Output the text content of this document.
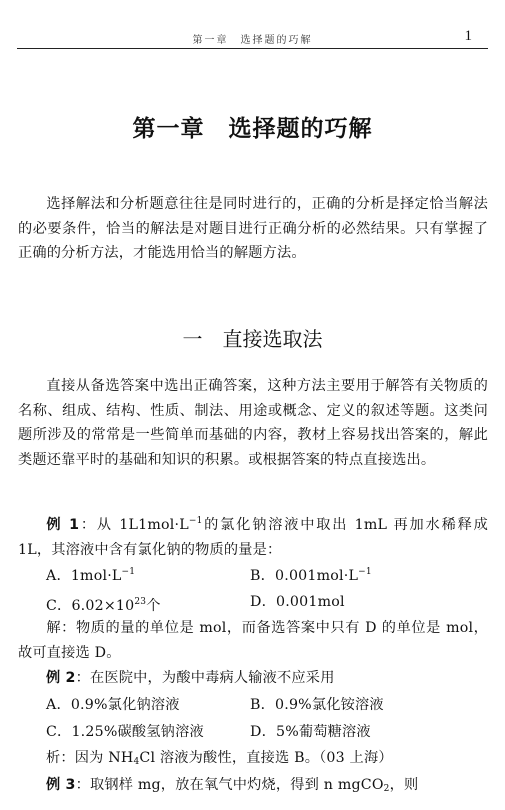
第一章　选择题的巧解	1
第一章　选择题的巧解

选择解法和分析题意往往是同时进行的，正确的分析是择定恰当解法的必要条件，恰当的解法是对题目进行正确分析的必然结果。只有掌握了正确的分析方法，才能选用恰当的解题方法。

一　直接选取法

直接从备选答案中选出正确答案，这种方法主要用于解答有关物质的名称、组成、结构、性质、制法、用途或概念、定义的叙述等题。这类问题所涉及的常常是一些简单而基础的内容，教材上容易找出答案的，解此类题还靠平时的基础和知识的积累。或根据答案的特点直接选出。

例 1：从 $1L1mol\cdot L^{-1}$的氯化钠溶液中取出 1mL 再加水稀释成 1L，其溶液中含有氯化钠的物质的量是：

A．$1mol\cdot L^{-1}$	B．$0.001mol\cdot L^{-1}$
C．$6.02\times 10^{23}$个	D．0.001mol

解：物质的量的单位是 mol，而备选答案中只有 D 的单位是 mol，故可直接选 D。

例 2：在医院中，为酸中毒病人输液不应采用
A．0.9%氯化钠溶液	B．0.9%氯化铵溶液
C．1.25%碳酸氢钠溶液	D．5%葡萄糖溶液
析：因为 $NH_4Cl$ 溶液为酸性，直接选 B。（03 上海）
例 3：取钢样 mg，放在氧气中灼烧，得到 n mgCO$_2$，则
